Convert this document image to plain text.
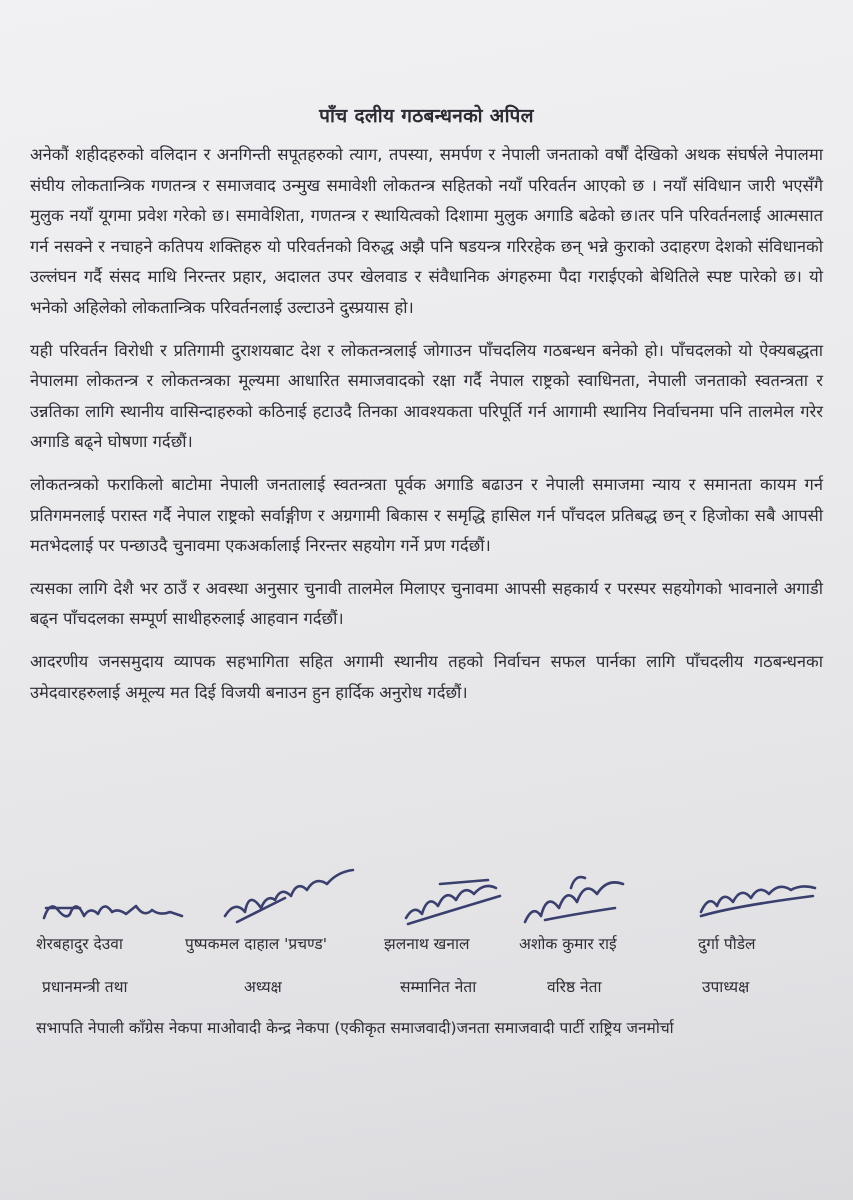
पाँच दलीय गठबन्धनको अपिल

अनेकौं शहीदहरुको वलिदान र अनगिन्ती सपूतहरुको त्याग, तपस्या, समर्पण र नेपाली जनताको वर्षौं देखिको अथक संघर्षले नेपालमा संघीय लोकतान्त्रिक गणतन्त्र र समाजवाद उन्मुख समावेशी लोकतन्त्र सहितको नयाँ परिवर्तन आएको छ । नयाँ संविधान जारी भएसँगै मुलुक नयाँ यूगमा प्रवेश गरेको छ। समावेशिता, गणतन्त्र र स्थायित्वको दिशामा मुलुक अगाडि बढेको छ।तर पनि परिवर्तनलाई आत्मसात गर्न नसक्ने र नचाहने कतिपय शक्तिहरु यो परिवर्तनको विरुद्ध अझै पनि षडयन्त्र गरिरहेक छन् भन्ने कुराको उदाहरण देशको संविधानको उल्लंघन गर्दै संसद माथि निरन्तर प्रहार, अदालत उपर खेलवाड र संवैधानिक अंगहरुमा पैदा गराईएको बेथितिले स्पष्ट पारेको छ। यो भनेको अहिलेको लोकतान्त्रिक परिवर्तनलाई उल्टाउने दुस्प्रयास हो।

यही परिवर्तन विरोधी र प्रतिगामी दुराशयबाट देश र लोकतन्त्रलाई जोगाउन पाँचदलिय गठबन्धन बनेको हो। पाँचदलको यो ऐक्यबद्धता नेपालमा लोकतन्त्र र लोकतन्त्रका मूल्यमा आधारित समाजवादको रक्षा गर्दै नेपाल राष्ट्रको स्वाधिनता, नेपाली जनताको स्वतन्त्रता र उन्नतिका लागि स्थानीय वासिन्दाहरुको कठिनाई हटाउदै तिनका आवश्यकता परिपूर्ति गर्न आगामी स्थानिय निर्वाचनमा पनि तालमेल गरेर अगाडि बढ्ने घोषणा गर्दछौं।

लोकतन्त्रको फराकिलो बाटोमा नेपाली जनतालाई स्वतन्त्रता पूर्वक अगाडि बढाउन र नेपाली समाजमा न्याय र समानता कायम गर्न प्रतिगमनलाई परास्त गर्दै नेपाल राष्ट्रको सर्वाङ्गीण र अग्रगामी बिकास र समृद्धि हासिल गर्न पाँचदल प्रतिबद्ध छन् र हिजोका सबै आपसी मतभेदलाई पर पन्छाउदै चुनावमा एकअर्कालाई निरन्तर सहयोग गर्ने प्रण गर्दछौं।

त्यसका लागि देशै भर ठाउँ र अवस्था अनुसार चुनावी तालमेल मिलाएर चुनावमा आपसी सहकार्य र परस्पर सहयोगको भावनाले अगाडी बढ्न पाँचदलका सम्पूर्ण साथीहरुलाई आहवान गर्दछौं।

आदरणीय जनसमुदाय व्यापक सहभागिता सहित अगामी स्थानीय तहको निर्वाचन सफल पार्नका लागि पाँचदलीय गठबन्धनका उमेदवारहरुलाई अमूल्य मत दिई विजयी बनाउन हुन हार्दिक अनुरोध गर्दछौं।

शेरबहादुर देउवा	पुष्पकमल दाहाल 'प्रचण्ड'	झलनाथ खनाल	अशोक कुमार राई	दुर्गा पौडेल
प्रधानमन्त्री तथा	अध्यक्ष	सम्मानित नेता	वरिष्ठ नेता	उपाध्यक्ष
सभापति नेपाली काँग्रेस नेकपा माओवादी केन्द्र नेकपा (एकीकृत समाजवादी)जनता समाजवादी पार्टी राष्ट्रिय जनमोर्चा
